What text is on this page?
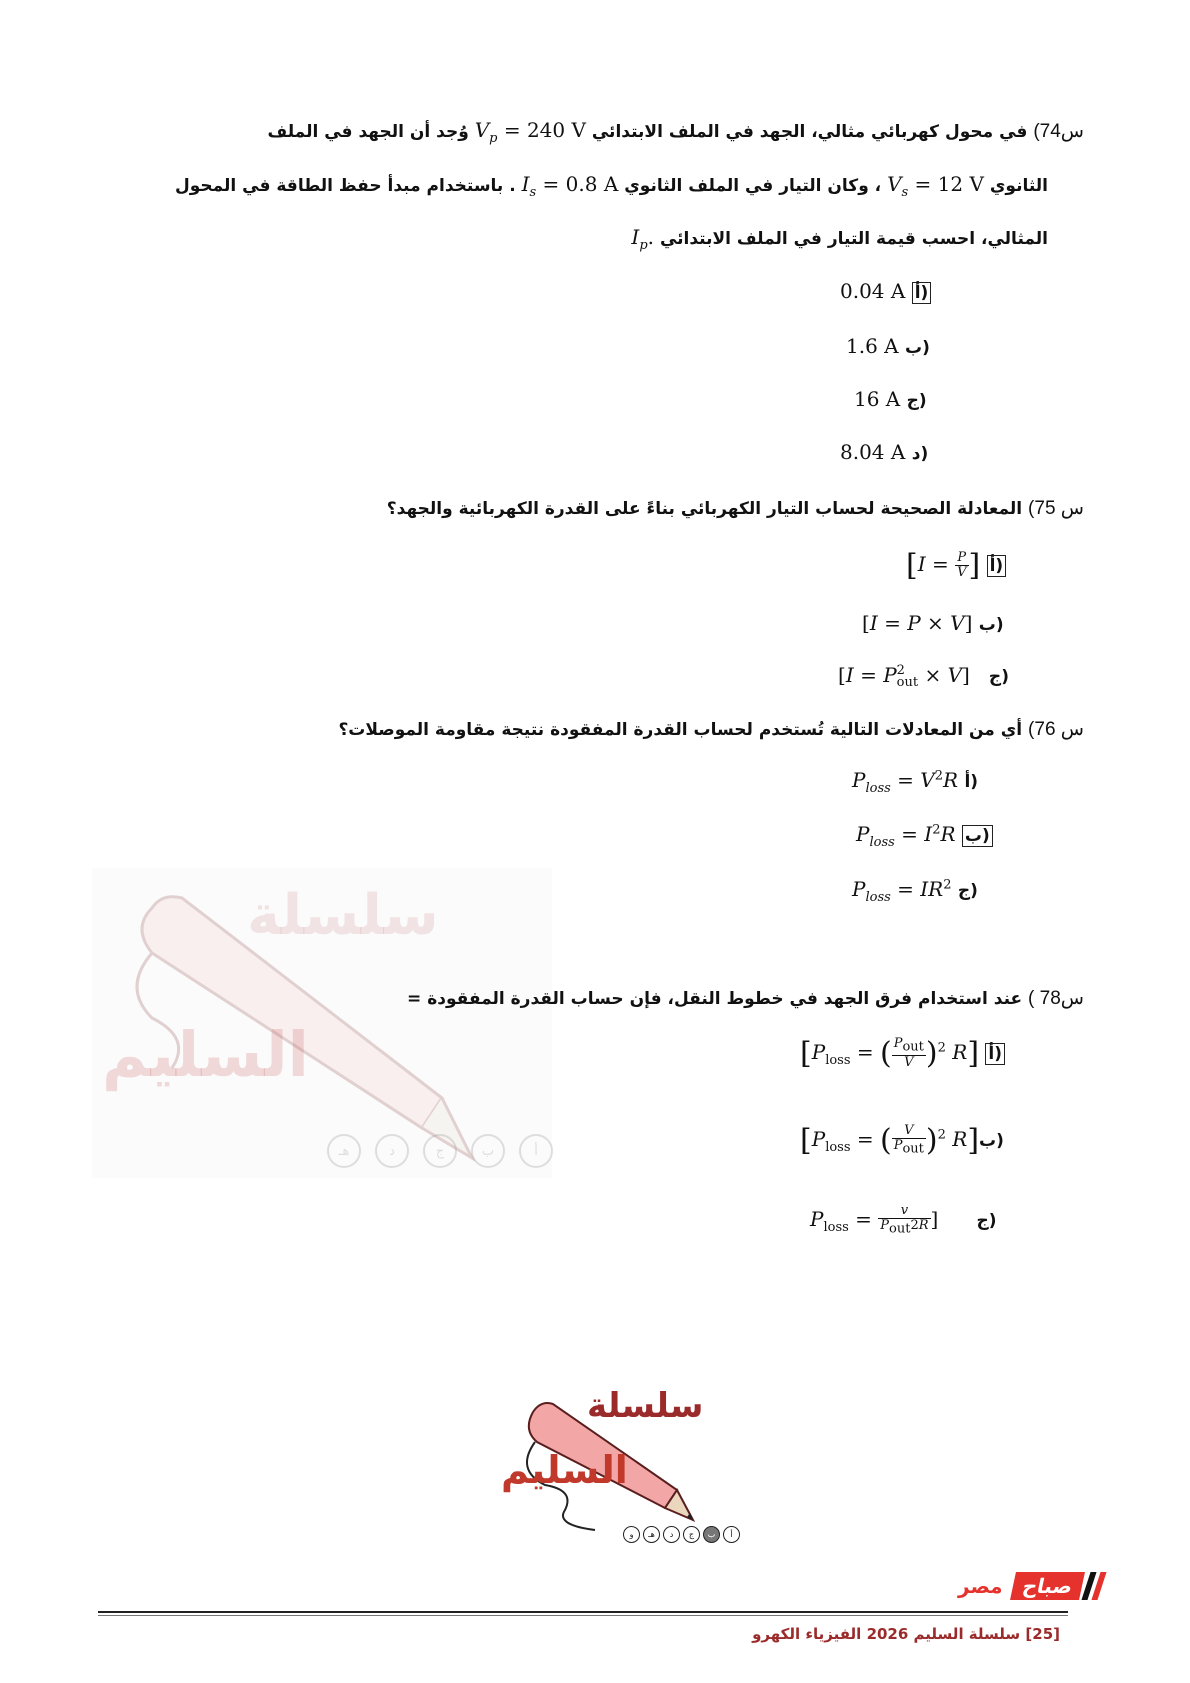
سلسلة
السليم
أ
ب
ج
د
هـ
س74) في محول كهربائي مثالي، الجهد في الملف الابتدائي $V_p = 240$ V وُجد أن الجهد في الملف
الثانوي $V_s = 12$ V ، وكان التيار في الملف الثانوي $I_s = 0.8$ A . باستخدام مبدأ حفظ الطاقة في المحول
المثالي، احسب قيمة التيار في الملف الابتدائي $I_p$.
0.04 A أ)
1.6 A ب)
16 A ج)
8.04 A د)
س 75) المعادلة الصحيحة لحساب التيار الكهربائي بناءً على القدرة الكهربائية والجهد؟
[$I = \frac{P}{V}$ ] أ)
[I = P × V] ب)
[I = P 2
out × V]   ج)
س 76) أي من المعادلات التالية تُستخدم لحساب القدرة المفقودة نتيجة مقاومة الموصلات؟
$P_{loss} = V^2R$ أ)
$P_{loss} = I^2R$ ب)
$P_{loss} = IR^2$ ج)
س78 ) عند استخدام فرق الجهد في خطوط النقل، فإن حساب القدرة المفقودة =
[$P_{loss}$ = ( $\frac{P_{out}}{V} )^2$ R] أ)
[$P_{loss}$ = ( $\frac{V}{P_{out}} )^2$ R]ب)
$P_{loss} = \frac{v}{P_{out}2R}$ ]      ج)
سلسلة
السليم
أ
ب
ج
د
هـ
و
صباح
مصر
[25] سلسلة السليم 2026 الفيزياء الكهرو
